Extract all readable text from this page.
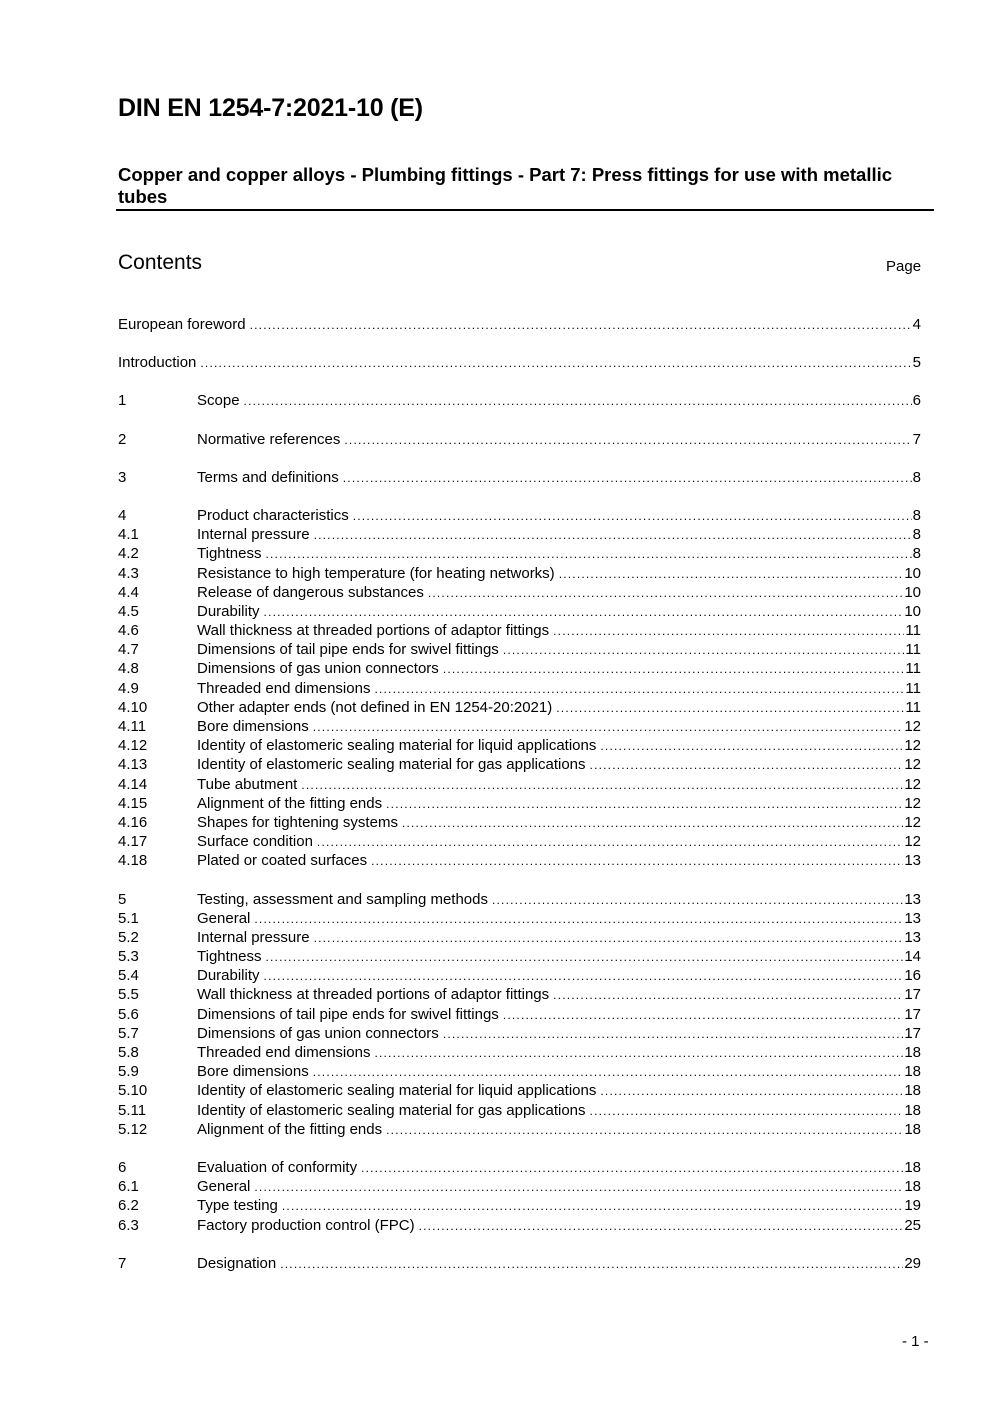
DIN EN 1254-7:2021-10 (E)
Copper and copper alloys - Plumbing fittings - Part 7: Press fittings for use with metallic tubes
Contents	Page
European foreword .....	4
Introduction .....	5
1	Scope .....	6
2	Normative references .....	7
3	Terms and definitions .....	8
4	Product characteristics .....	8
4.1	Internal pressure .....	8
4.2	Tightness .....	8
4.3	Resistance to high temperature (for heating networks) .....	10
4.4	Release of dangerous substances .....	10
4.5	Durability .....	10
4.6	Wall thickness at threaded portions of adaptor fittings .....	11
4.7	Dimensions of tail pipe ends for swivel fittings .....	11
4.8	Dimensions of gas union connectors .....	11
4.9	Threaded end dimensions .....	11
4.10	Other adapter ends (not defined in EN 1254-20:2021) .....	11
4.11	Bore dimensions .....	12
4.12	Identity of elastomeric sealing material for liquid applications .....	12
4.13	Identity of elastomeric sealing material for gas applications .....	12
4.14	Tube abutment .....	12
4.15	Alignment of the fitting ends .....	12
4.16	Shapes for tightening systems .....	12
4.17	Surface condition .....	12
4.18	Plated or coated surfaces .....	13
5	Testing, assessment and sampling methods .....	13
5.1	General .....	13
5.2	Internal pressure .....	13
5.3	Tightness .....	14
5.4	Durability .....	16
5.5	Wall thickness at threaded portions of adaptor fittings .....	17
5.6	Dimensions of tail pipe ends for swivel fittings .....	17
5.7	Dimensions of gas union connectors .....	17
5.8	Threaded end dimensions .....	18
5.9	Bore dimensions .....	18
5.10	Identity of elastomeric sealing material for liquid applications .....	18
5.11	Identity of elastomeric sealing material for gas applications .....	18
5.12	Alignment of the fitting ends .....	18
6	Evaluation of conformity .....	18
6.1	General .....	18
6.2	Type testing .....	19
6.3	Factory production control (FPC) .....	25
7	Designation .....	29
- 1 -
